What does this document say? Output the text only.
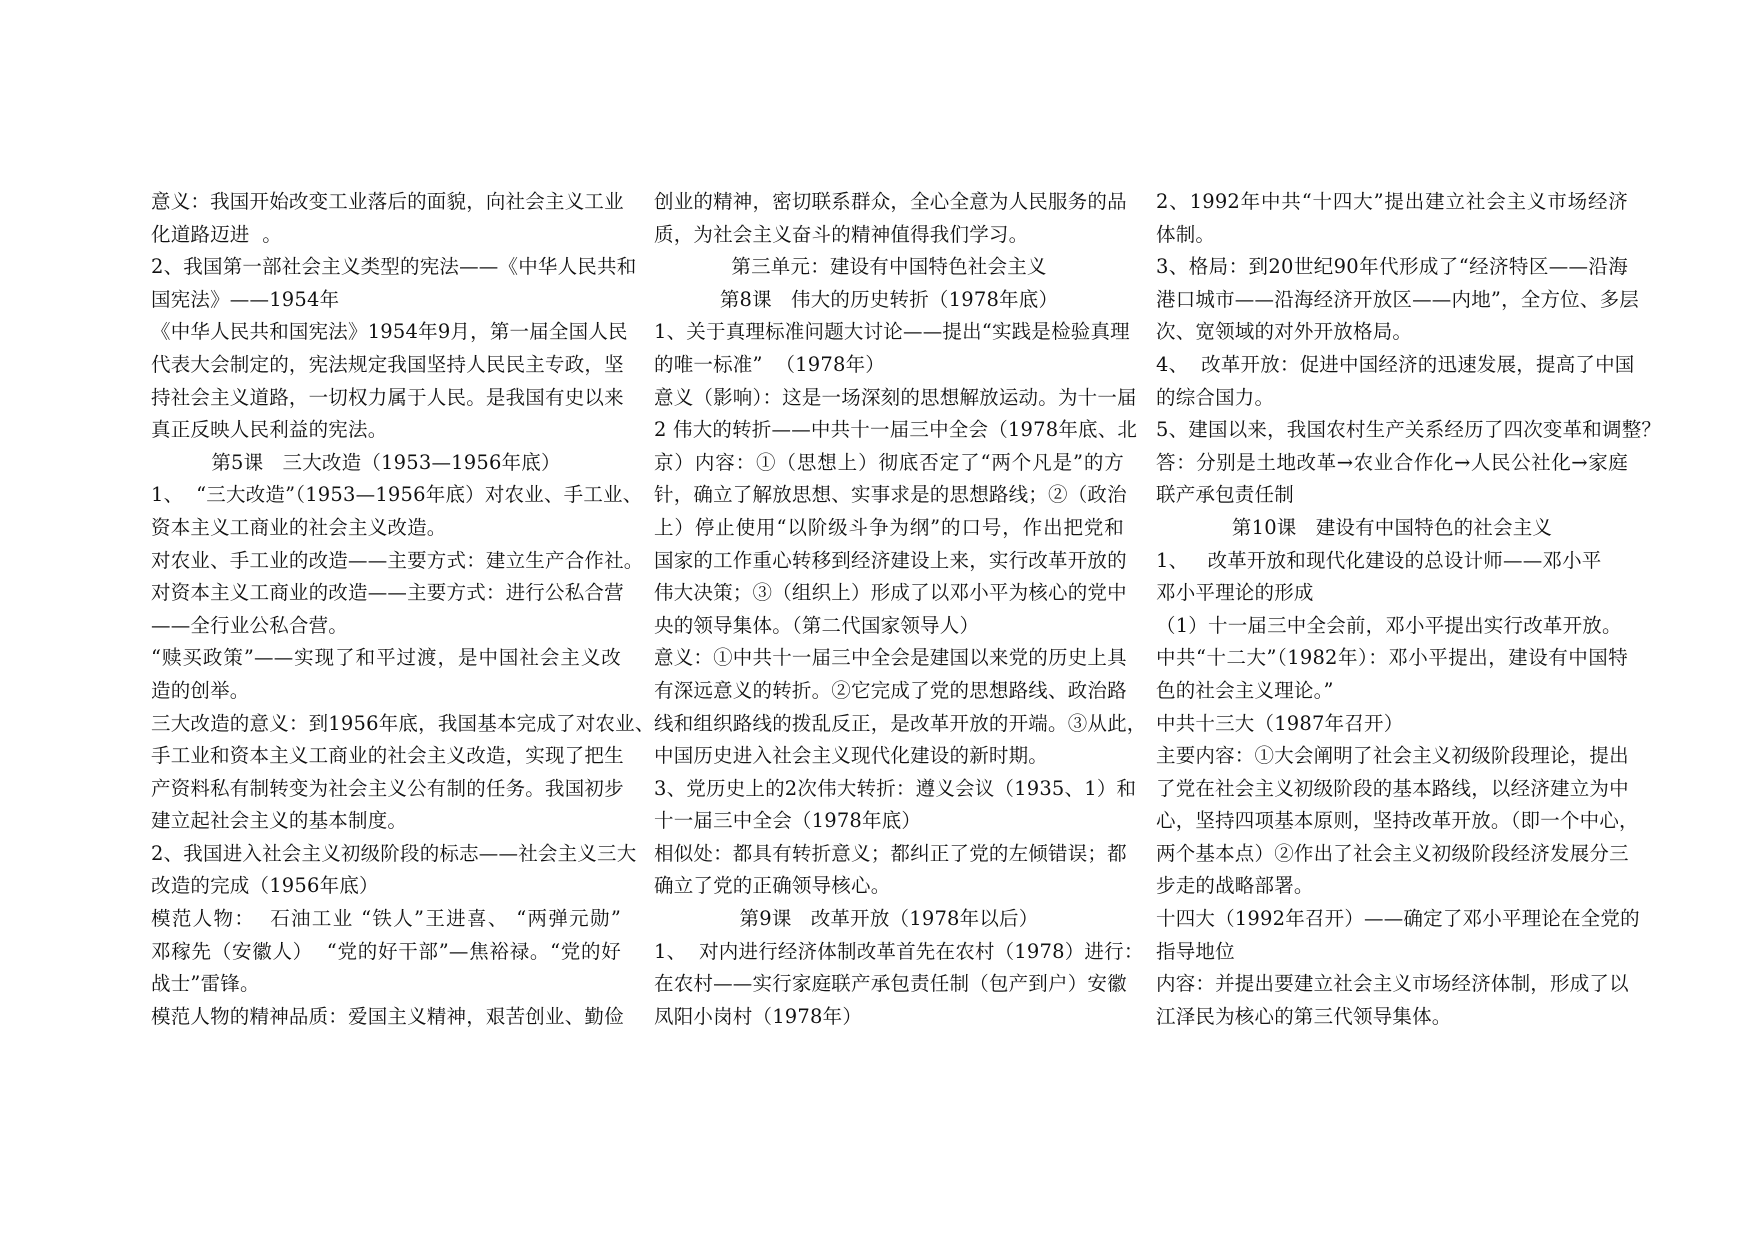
意义：我国开始改变工业落后的面貌，向社会主义工业
化道路迈进  。
2、我国第一部社会主义类型的宪法——《中华人民共和
国宪法》——1954年
《中华人民共和国宪法》1954年9月，第一届全国人民
代表大会制定的，宪法规定我国坚持人民民主专政，坚
持社会主义道路，一切权力属于人民。是我国有史以来
真正反映人民利益的宪法。
第5课   三大改造（1953—1956年底）
1、  “三大改造”（1953—1956年底）对农业、手工业、
资本主义工商业的社会主义改造。
对农业、手工业的改造——主要方式：建立生产合作社。
对资本主义工商业的改造——主要方式：进行公私合营
——全行业公私合营。
“赎买政策”——实现了和平过渡，是中国社会主义改
造的创举。
三大改造的意义：到1956年底，我国基本完成了对农业、
手工业和资本主义工商业的社会主义改造，实现了把生
产资料私有制转变为社会主义公有制的任务。我国初步
建立起社会主义的基本制度。
2、我国进入社会主义初级阶段的标志——社会主义三大
改造的完成（1956年底）
模范人物：  石油工业 “铁人”王进喜、 “两弹元勋”
邓稼先（安徽人）  “党的好干部”—焦裕禄。“党的好
战士”雷锋。
模范人物的精神品质：爱国主义精神，艰苦创业、勤俭
创业的精神，密切联系群众，全心全意为人民服务的品
质，为社会主义奋斗的精神值得我们学习。
第三单元：建设有中国特色社会主义
第8课   伟大的历史转折（1978年底）
1、关于真理标准问题大讨论——提出“实践是检验真理
的唯一标准”  （1978年）
意义（影响）：这是一场深刻的思想解放运动。为十一届
2 伟大的转折——中共十一届三中全会（1978年底、北
京）内容：①（思想上）彻底否定了“两个凡是”的方
针，确立了解放思想、实事求是的思想路线；②（政治
上）停止使用“以阶级斗争为纲”的口号，作出把党和
国家的工作重心转移到经济建设上来，实行改革开放的
伟大决策；③（组织上）形成了以邓小平为核心的党中
央的领导集体。（第二代国家领导人）
意义：①中共十一届三中全会是建国以来党的历史上具
有深远意义的转折。②它完成了党的思想路线、政治路
线和组织路线的拨乱反正，是改革开放的开端。③从此，
中国历史进入社会主义现代化建设的新时期。
3、党历史上的2次伟大转折：遵义会议（1935、1）和
十一届三中全会（1978年底）
相似处：都具有转折意义；都纠正了党的左倾错误；都
确立了党的正确领导核心。
第9课   改革开放（1978年以后）
1、  对内进行经济体制改革首先在农村（1978）进行：
在农村——实行家庭联产承包责任制（包产到户）安徽
凤阳小岗村（1978年）
2、1992年中共“十四大”提出建立社会主义市场经济
体制。
3、格局：到20世纪90年代形成了“经济特区——沿海
港口城市——沿海经济开放区——内地”，全方位、多层
次、宽领域的对外开放格局。
4、  改革开放：促进中国经济的迅速发展，提高了中国
的综合国力。
5、建国以来，我国农村生产关系经历了四次变革和调整？
答：分别是土地改革→农业合作化→人民公社化→家庭
联产承包责任制
第10课   建设有中国特色的社会主义
1、   改革开放和现代化建设的总设计师——邓小平
邓小平理论的形成
（1）十一届三中全会前，邓小平提出实行改革开放。
中共“十二大”（1982年）：邓小平提出，建设有中国特
色的社会主义理论。”
中共十三大（1987年召开）
主要内容：①大会阐明了社会主义初级阶段理论，提出
了党在社会主义初级阶段的基本路线，以经济建立为中
心，坚持四项基本原则，坚持改革开放。（即一个中心，
两个基本点）②作出了社会主义初级阶段经济发展分三
步走的战略部署。
十四大（1992年召开）——确定了邓小平理论在全党的
指导地位
内容：并提出要建立社会主义市场经济体制，形成了以
江泽民为核心的第三代领导集体。
